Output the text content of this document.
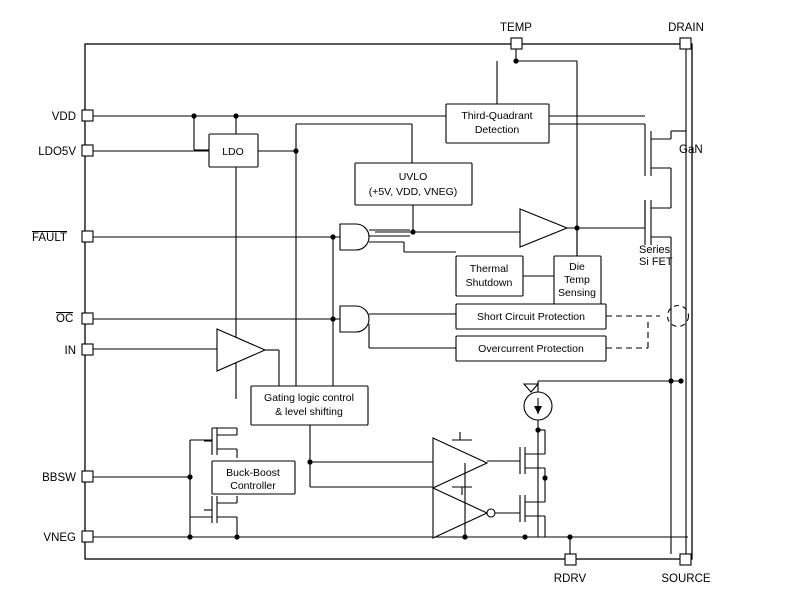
LDO
Third-Quadrant
Detection
UVLO
(+5V, VDD, VNEG)
Thermal
Shutdown
Die
Temp
Sensing
Short Circuit Protection
Overcurrent Protection
Gating logic control
& level shifting
Buck-Boost
Controller
VDD
LDO5V
IN
BBSW
VNEG
TEMP	DRAIN
RDRV	SOURCE
GaN
Series
Si FET
FAULT
OC
